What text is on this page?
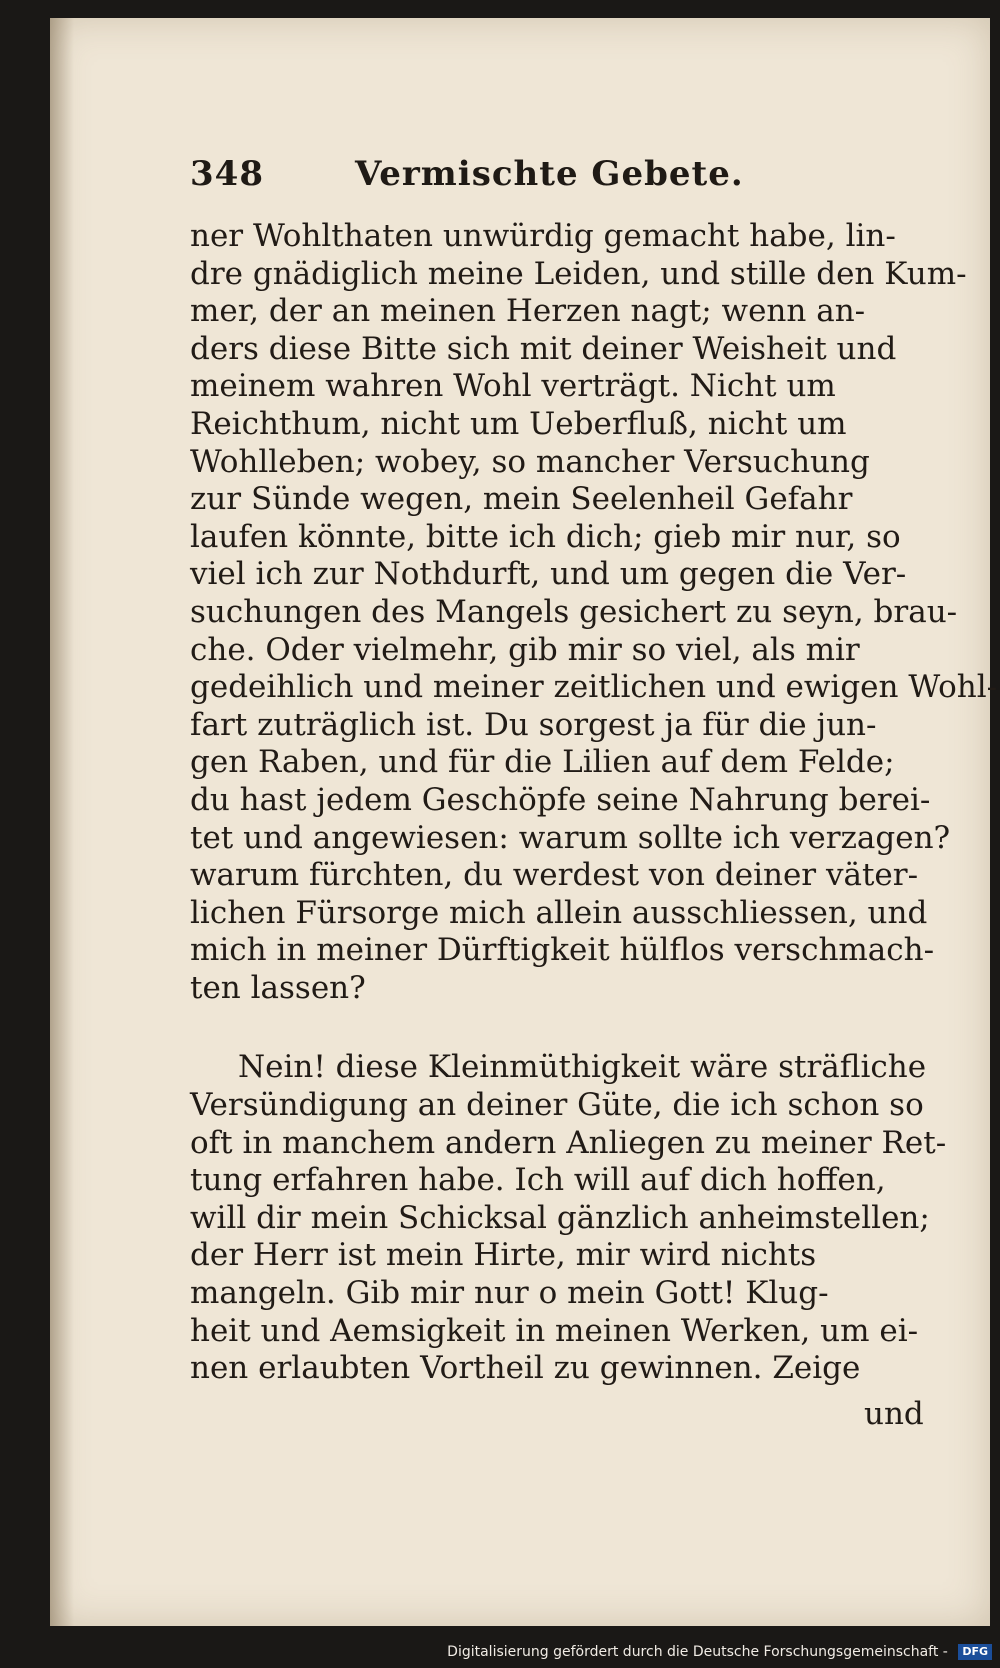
348	Vermischte Gebete.
ner Wohlthaten unwürdig gemacht habe, lin-
dre gnädiglich meine Leiden, und stille den Kum-
mer, der an meinen Herzen nagt; wenn an-
ders diese Bitte sich mit deiner Weisheit und
meinem wahren Wohl verträgt. Nicht um
Reichthum, nicht um Ueberfluß, nicht um
Wohlleben; wobey, so mancher Versuchung
zur Sünde wegen, mein Seelenheil Gefahr
laufen könnte, bitte ich dich; gieb mir nur, so
viel ich zur Nothdurft, und um gegen die Ver-
suchungen des Mangels gesichert zu seyn, brau-
che. Oder vielmehr, gib mir so viel, als mir
gedeihlich und meiner zeitlichen und ewigen Wohl-
fart zuträglich ist. Du sorgest ja für die jun-
gen Raben, und für die Lilien auf dem Felde;
du hast jedem Geschöpfe seine Nahrung berei-
tet und angewiesen: warum sollte ich verzagen?
warum fürchten, du werdest von deiner väter-
lichen Fürsorge mich allein ausschliessen, und
mich in meiner Dürftigkeit hülflos verschmach-
ten lassen?
Nein! diese Kleinmüthigkeit wäre sträfliche
Versündigung an deiner Güte, die ich schon so
oft in manchem andern Anliegen zu meiner Ret-
tung erfahren habe. Ich will auf dich hoffen,
will dir mein Schicksal gänzlich anheimstellen;
der Herr ist mein Hirte, mir wird nichts
mangeln. Gib mir nur o mein Gott! Klug-
heit und Aemsigkeit in meinen Werken, um ei-
nen erlaubten Vortheil zu gewinnen. Zeige
und
Digitalisierung gefördert durch die Deutsche Forschungsgemeinschaft - DFG
